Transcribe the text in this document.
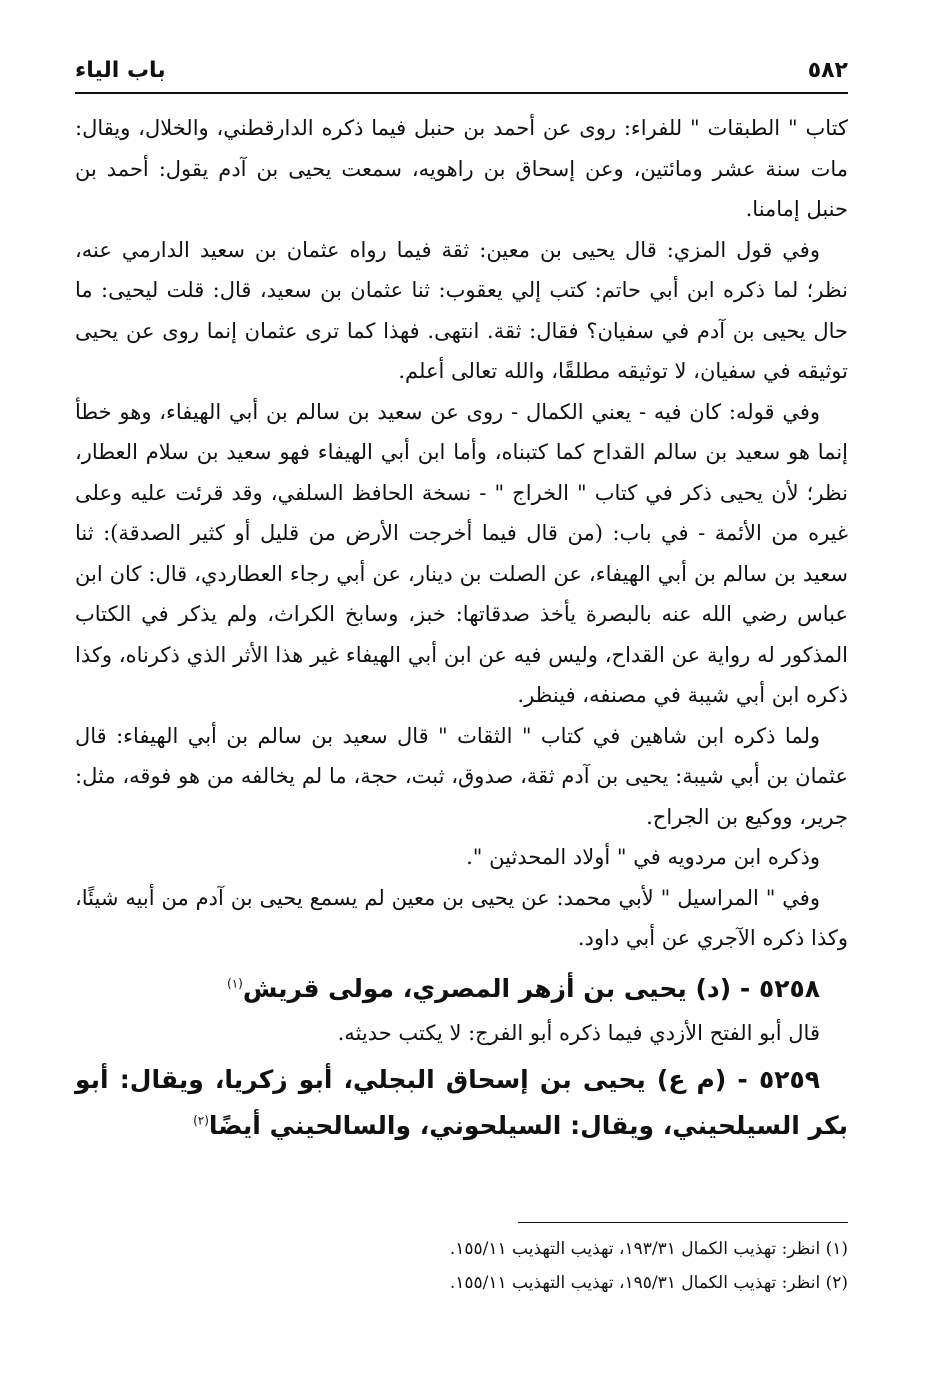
٥٨٢
باب الياء

كتاب " الطبقات " للفراء: روى عن أحمد بن حنبل فيما ذكره الدارقطني، والخلال، ويقال: مات سنة عشر ومائتين، وعن إسحاق بن راهويه، سمعت يحيى بن آدم يقول: أحمد بن حنبل إمامنا.

وفي قول المزي: قال يحيى بن معين: ثقة فيما رواه عثمان بن سعيد الدارمي عنه، نظر؛ لما ذكره ابن أبي حاتم: كتب إلي يعقوب: ثنا عثمان بن سعيد، قال: قلت ليحيى: ما حال يحيى بن آدم في سفيان؟ فقال: ثقة. انتهى. فهذا كما ترى عثمان إنما روى عن يحيى توثيقه في سفيان، لا توثيقه مطلقًا، والله تعالى أعلم.

وفي قوله: كان فيه - يعني الكمال - روى عن سعيد بن سالم بن أبي الهيفاء، وهو خطأ إنما هو سعيد بن سالم القداح كما كتبناه، وأما ابن أبي الهيفاء فهو سعيد بن سلام العطار، نظر؛ لأن يحيى ذكر في كتاب " الخراج " - نسخة الحافظ السلفي، وقد قرئت عليه وعلى غيره من الأئمة - في باب: (من قال فيما أخرجت الأرض من قليل أو كثير الصدقة): ثنا سعيد بن سالم بن أبي الهيفاء، عن الصلت بن دينار، عن أبي رجاء العطاردي، قال: كان ابن عباس رضي الله عنه بالبصرة يأخذ صدقاتها: خبز، وسابخ الكراث، ولم يذكر في الكتاب المذكور له رواية عن القداح، وليس فيه عن ابن أبي الهيفاء غير هذا الأثر الذي ذكرناه، وكذا ذكره ابن أبي شيبة في مصنفه، فينظر.

ولما ذكره ابن شاهين في كتاب " الثقات " قال سعيد بن سالم بن أبي الهيفاء: قال عثمان بن أبي شيبة: يحيى بن آدم ثقة، صدوق، ثبت، حجة، ما لم يخالفه من هو فوقه، مثل: جرير، ووكيع بن الجراح.

وذكره ابن مردويه في " أولاد المحدثين ".

وفي " المراسيل " لأبي محمد: عن يحيى بن معين لم يسمع يحيى بن آدم من أبيه شيئًا، وكذا ذكره الآجري عن أبي داود.

٥٢٥٨ - (د) يحيى بن أزهر المصري، مولى قريش$^{(١)}$

قال أبو الفتح الأزدي فيما ذكره أبو الفرج: لا يكتب حديثه.

٥٢٥٩ - (م ع) يحيى بن إسحاق البجلي، أبو زكريا، ويقال: أبو بكر السيلحيني، ويقال: السيلحوني، والسالحيني أيضًا$^{(٢)}$

(١) انظر: تهذيب الكمال ١٩٣/٣١، تهذيب التهذيب ١٥٥/١١.

(٢) انظر: تهذيب الكمال ١٩٥/٣١، تهذيب التهذيب ١٥٥/١١.
